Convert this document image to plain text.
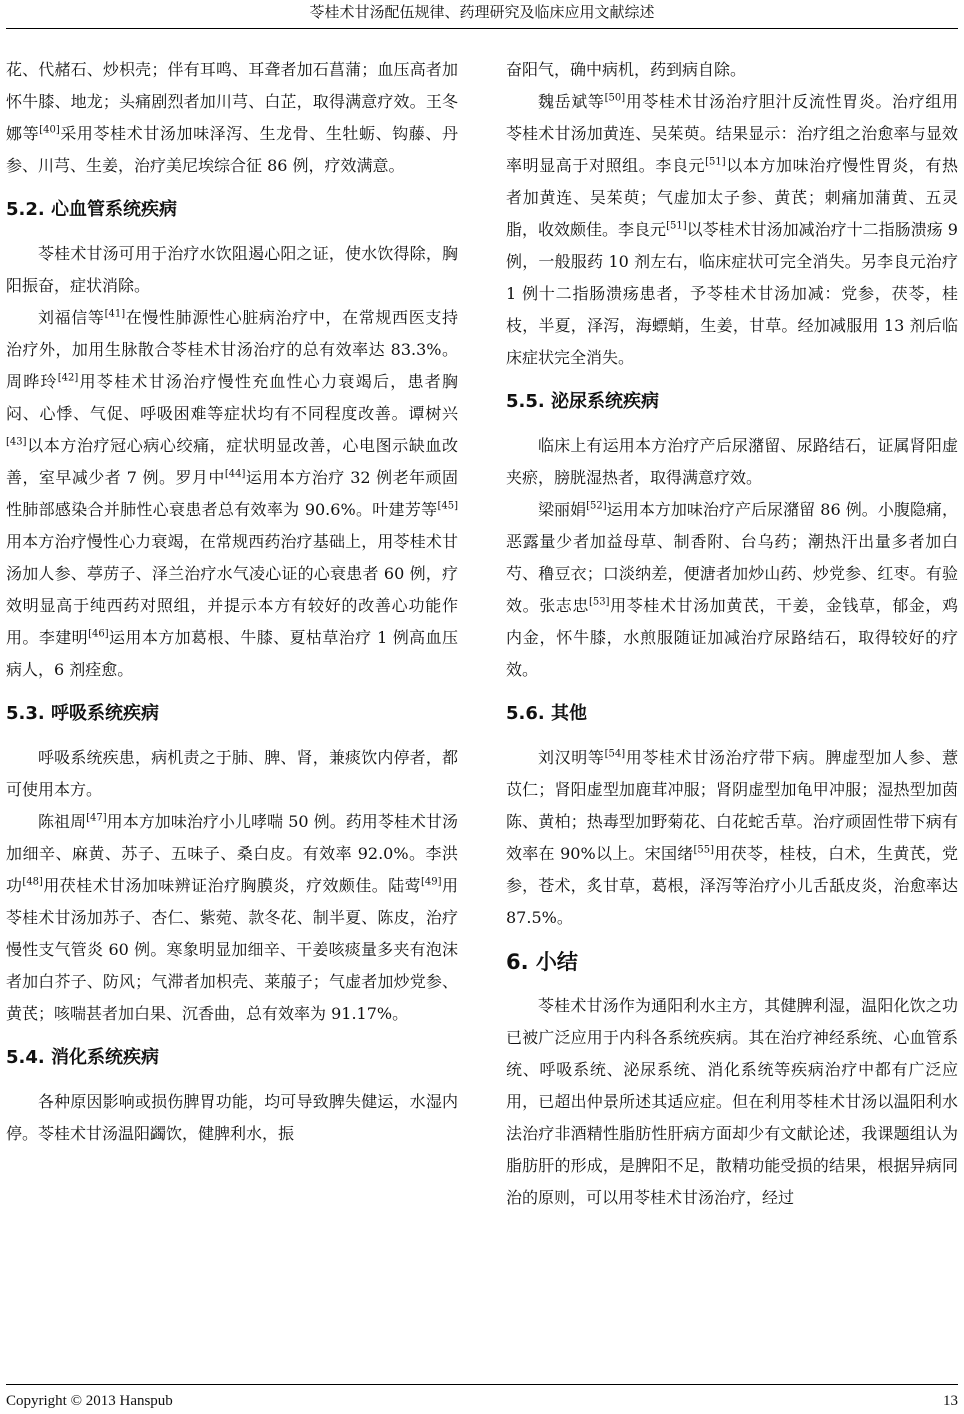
苓桂术甘汤配伍规律、药理研究及临床应用文献综述

花、代赭石、炒枳壳；伴有耳鸣、耳聋者加石菖蒲；血压高者加怀牛膝、地龙；头痛剧烈者加川芎、白芷，取得满意疗效。王冬娜等[40]采用苓桂术甘汤加味泽泻、生龙骨、生牡蛎、钩藤、丹参、川芎、生姜，治疗美尼埃综合征 86 例，疗效满意。

5.2. 心血管系统疾病

苓桂术甘汤可用于治疗水饮阻遏心阳之证，使水饮得除，胸阳振奋，症状消除。

刘福信等[41]在慢性肺源性心脏病治疗中，在常规西医支持治疗外，加用生脉散合苓桂术甘汤治疗的总有效率达 83.3%。周晔玲[42]用苓桂术甘汤治疗慢性充血性心力衰竭后，患者胸闷、心悸、气促、呼吸困难等症状均有不同程度改善。谭树兴[43]以本方治疗冠心病心绞痛，症状明显改善，心电图示缺血改善，室早减少者 7 例。罗月中[44]运用本方治疗 32 例老年顽固性肺部感染合并肺性心衰患者总有效率为 90.6%。叶建芳等[45]用本方治疗慢性心力衰竭，在常规西药治疗基础上，用苓桂术甘汤加人参、葶苈子、泽兰治疗水气凌心证的心衰患者 60 例，疗效明显高于纯西药对照组，并提示本方有较好的改善心功能作用。李建明[46]运用本方加葛根、牛膝、夏枯草治疗 1 例高血压病人，6 剂痊愈。

5.3. 呼吸系统疾病

呼吸系统疾患，病机责之于肺、脾、肾，兼痰饮内停者，都可使用本方。

陈祖周[47]用本方加味治疗小儿哮喘 50 例。药用苓桂术甘汤加细辛、麻黄、苏子、五味子、桑白皮。有效率 92.0%。李洪功[48]用茯桂术甘汤加味辨证治疗胸膜炎，疗效颇佳。陆莺[49]用苓桂术甘汤加苏子、杏仁、紫菀、款冬花、制半夏、陈皮，治疗慢性支气管炎 60 例。寒象明显加细辛、干姜咳痰量多夹有泡沫者加白芥子、防风；气滞者加枳壳、莱菔子；气虚者加炒党参、黄芪；咳喘甚者加白果、沉香曲，总有效率为 91.17%。

5.4. 消化系统疾病

各种原因影响或损伤脾胃功能，均可导致脾失健运，水湿内停。苓桂术甘汤温阳蠲饮，健脾利水，振

奋阳气，确中病机，药到病自除。

魏岳斌等[50]用苓桂术甘汤治疗胆汁反流性胃炎。治疗组用苓桂术甘汤加黄连、吴茱萸。结果显示：治疗组之治愈率与显效率明显高于对照组。李良元[51]以本方加味治疗慢性胃炎，有热者加黄连、吴茱萸；气虚加太子参、黄芪；刺痛加蒲黄、五灵脂，收效颇佳。李良元[51]以苓桂术甘汤加减治疗十二指肠溃疡 9 例，一般服药 10 剂左右，临床症状可完全消失。另李良元治疗 1 例十二指肠溃疡患者，予苓桂术甘汤加减：党参，茯苓，桂枝，半夏，泽泻，海螵蛸，生姜，甘草。经加减服用 13 剂后临床症状完全消失。

5.5. 泌尿系统疾病

临床上有运用本方治疗产后尿潴留、尿路结石，证属肾阳虚夹瘀，膀胱湿热者，取得满意疗效。

梁丽娟[52]运用本方加味治疗产后尿潴留 86 例。小腹隐痛，恶露量少者加益母草、制香附、台乌药；潮热汗出量多者加白芍、穞豆衣；口淡纳差，便溏者加炒山药、炒党参、红枣。有验效。张志忠[53]用苓桂术甘汤加黄芪，干姜，金钱草，郁金，鸡内金，怀牛膝，水煎服随证加减治疗尿路结石，取得较好的疗效。

5.6. 其他

刘汉明等[54]用苓桂术甘汤治疗带下病。脾虚型加人参、薏苡仁；肾阳虚型加鹿茸冲服；肾阴虚型加龟甲冲服；湿热型加茵陈、黄柏；热毒型加野菊花、白花蛇舌草。治疗顽固性带下病有效率在 90%以上。宋国绪[55]用茯苓，桂枝，白术，生黄芪，党参，苍术，炙甘草，葛根，泽泻等治疗小儿舌舐皮炎，治愈率达 87.5%。

6. 小结

苓桂术甘汤作为通阳利水主方，其健脾利湿，温阳化饮之功已被广泛应用于内科各系统疾病。其在治疗神经系统、心血管系统、呼吸系统、泌尿系统、消化系统等疾病治疗中都有广泛应用，已超出仲景所述其适应症。但在利用苓桂术甘汤以温阳利水法治疗非酒精性脂肪性肝病方面却少有文献论述，我课题组认为脂肪肝的形成，是脾阳不足，散精功能受损的结果，根据异病同治的原则，可以用苓桂术甘汤治疗，经过

Copyright © 2013 Hanspub	13
